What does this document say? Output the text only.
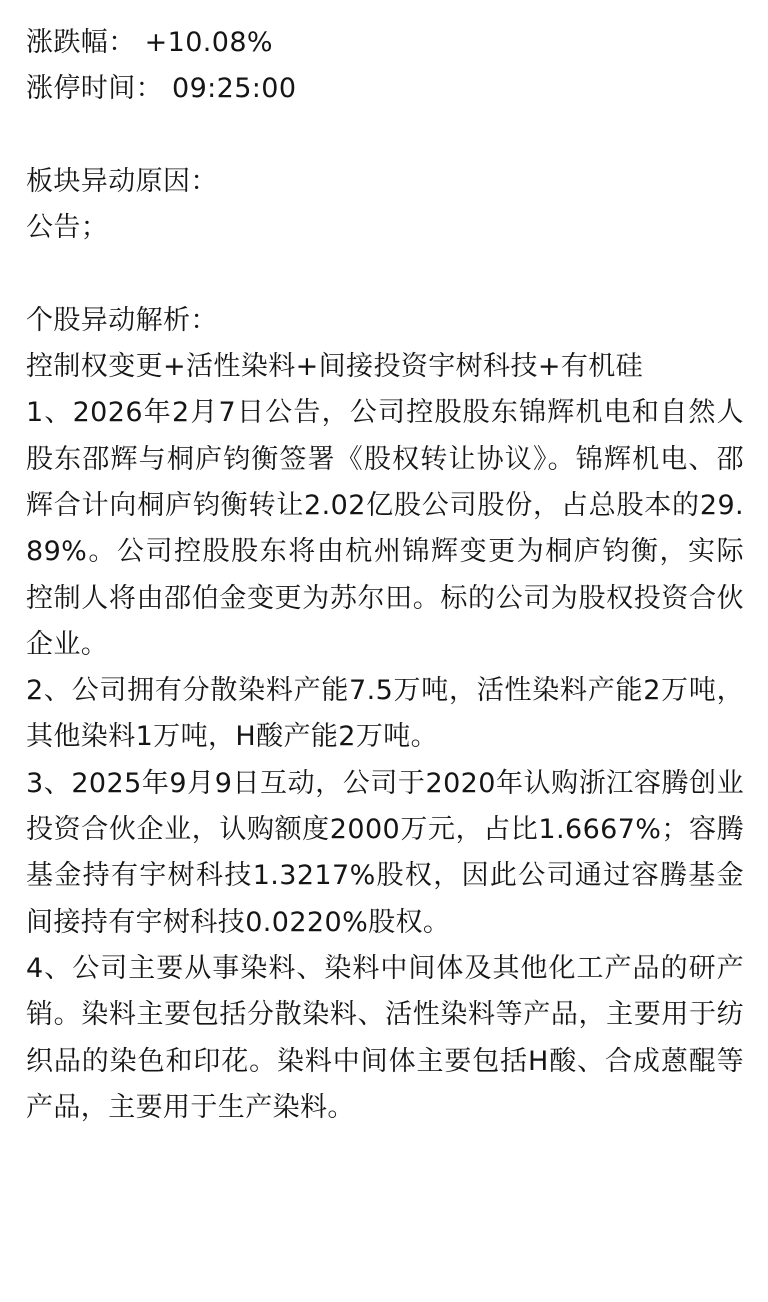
涨跌幅： +10.08%

涨停时间： 09:25:00

板块异动原因：

公告；

个股异动解析：

控制权变更+活性染料+间接投资宇树科技+有机硅

1、2026年2月7日公告，公司控股股东锦辉机电和自然人股东邵辉与桐庐钧衡签署《股权转让协议》。锦辉机电、邵辉合计向桐庐钧衡转让2.02亿股公司股份，占总股本的29.89%。公司控股股东将由杭州锦辉变更为桐庐钧衡，实际控制人将由邵伯金变更为苏尔田。标的公司为股权投资合伙企业。

2、公司拥有分散染料产能7.5万吨，活性染料产能2万吨，其他染料1万吨，H酸产能2万吨。

3、2025年9月9日互动，公司于2020年认购浙江容腾创业投资合伙企业，认购额度2000万元，占比1.6667%；容腾基金持有宇树科技1.3217%股权，因此公司通过容腾基金间接持有宇树科技0.0220%股权。

4、公司主要从事染料、染料中间体及其他化工产品的研产销。染料主要包括分散染料、活性染料等产品，主要用于纺织品的染色和印花。染料中间体主要包括H酸、合成蒽醌等产品，主要用于生产染料。
